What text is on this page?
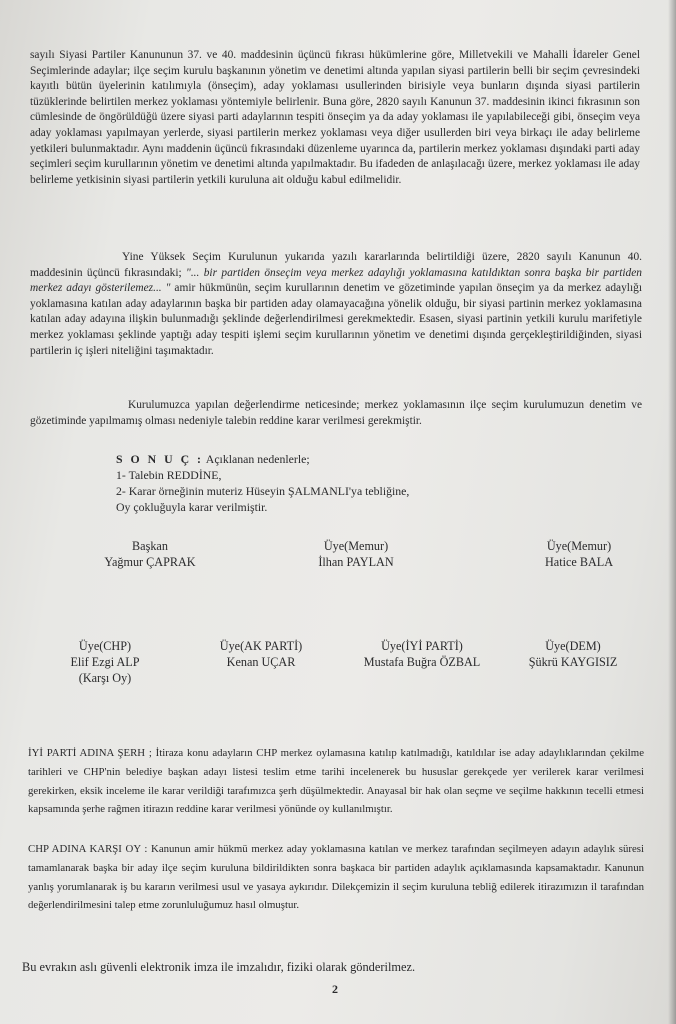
sayılı Siyasi Partiler Kanununun 37. ve 40. maddesinin üçüncü fıkrası hükümlerine göre, Milletvekili ve Mahalli İdareler Genel Seçimlerinde adaylar; ilçe seçim kurulu başkanının yönetim ve denetimi altında yapılan siyasi partilerin belli bir seçim çevresindeki kayıtlı bütün üyelerinin katılımıyla (önseçim), aday yoklaması usullerinden birisiyle veya bunların dışında siyasi partilerin tüzüklerinde belirtilen merkez yoklaması yöntemiyle belirlenir. Buna göre, 2820 sayılı Kanunun 37. maddesinin ikinci fıkrasının son cümlesinde de öngörüldüğü üzere siyasi parti adaylarının tespiti önseçim ya da aday yoklaması ile yapılabileceği gibi, önseçim veya aday yoklaması yapılmayan yerlerde, siyasi partilerin merkez yoklaması veya diğer usullerden biri veya birkaçı ile aday belirleme yetkileri bulunmaktadır. Aynı maddenin üçüncü fıkrasındaki düzenleme uyarınca da, partilerin merkez yoklaması dışındaki parti aday seçimleri seçim kurullarının yönetim ve denetimi altında yapılmaktadır. Bu ifadeden de anlaşılacağı üzere, merkez yoklaması ile aday belirleme yetkisinin siyasi partilerin yetkili kuruluna ait olduğu kabul edilmelidir.

Yine Yüksek Seçim Kurulunun yukarıda yazılı kararlarında belirtildiği üzere, 2820 sayılı Kanunun 40. maddesinin üçüncü fıkrasındaki; "... bir partiden önseçim veya merkez adaylığı yoklamasına katıldıktan sonra başka bir partiden merkez adayı gösterilemez... " amir hükmünün, seçim kurullarının denetim ve gözetiminde yapılan önseçim ya da merkez adaylığı yoklamasına katılan aday adaylarının başka bir partiden aday olamayacağına yönelik olduğu, bir siyasi partinin merkez yoklamasına katılan aday adayına ilişkin bulunmadığı şeklinde değerlendirilmesi gerekmektedir. Esasen, siyasi partinin yetkili kurulu marifetiyle merkez yoklaması şeklinde yaptığı aday tespiti işlemi seçim kurullarının yönetim ve denetimi dışında gerçekleştirildiğinden, siyasi partilerin iç işleri niteliğini taşımaktadır.

Kurulumuzca yapılan değerlendirme neticesinde; merkez yoklamasının ilçe seçim kurulumuzun denetim ve gözetiminde yapılmamış olması nedeniyle talebin reddine karar verilmesi gerekmiştir.

S O N U Ç : Açıklanan nedenlerle;
1- Talebin REDDİNE,
2- Karar örneğinin muteriz Hüseyin ŞALMANLI'ya tebliğine,
Oy çokluğuyla karar verilmiştir.
Başkan
Yağmur ÇAPRAK
Üye(Memur)
İlhan PAYLAN
Üye(Memur)
Hatice BALA
Üye(CHP)
Elif Ezgi ALP
(Karşı Oy)
Üye(AK PARTİ)
Kenan UÇAR
Üye(İYİ PARTİ)
Mustafa Buğra ÖZBAL
Üye(DEM)
Şükrü KAYGISIZ

İYİ PARTİ ADINA ŞERH ; İtiraza konu adayların CHP merkez oylamasına katılıp katılmadığı, katıldılar ise aday adaylıklarından çekilme tarihleri ve CHP'nin belediye başkan adayı listesi teslim etme tarihi incelenerek bu hususlar gerekçede yer verilerek karar verilmesi gerekirken, eksik inceleme ile karar verildiği tarafımızca şerh düşülmektedir. Anayasal bir hak olan seçme ve seçilme hakkının tecelli etmesi kapsamında şerhe rağmen itirazın reddine karar verilmesi yönünde oy kullanılmıştır.

CHP ADINA KARŞI OY : Kanunun amir hükmü merkez aday yoklamasına katılan ve merkez tarafından seçilmeyen adayın adaylık süresi tamamlanarak başka bir aday ilçe seçim kuruluna bildirildikten sonra başkaca bir partiden adaylık açıklamasında kapsamaktadır. Kanunun yanlış yorumlanarak iş bu kararın verilmesi usul ve yasaya aykırıdır. Dilekçemizin il seçim kuruluna tebliğ edilerek itirazımızın il tarafından değerlendirilmesini talep etme zorunluluğumuz hasıl olmuştur.

Bu evrakın aslı güvenli elektronik imza ile imzalıdır, fiziki olarak gönderilmez.
2
